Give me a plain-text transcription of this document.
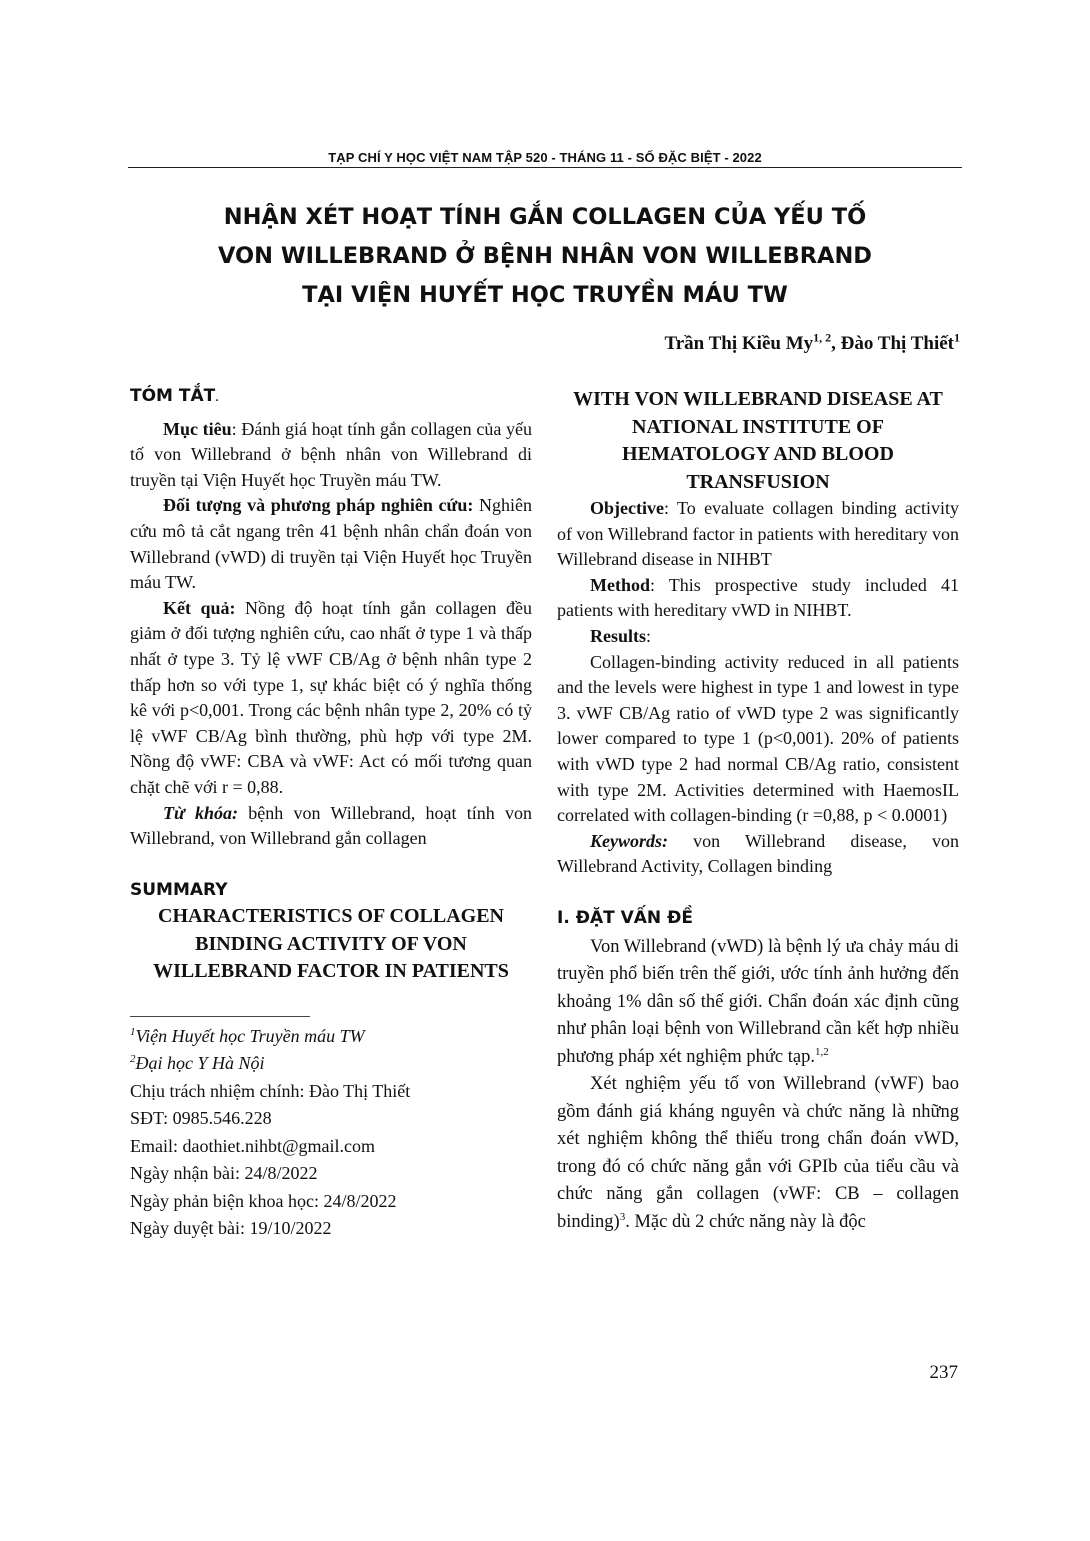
TẠP CHÍ Y HỌC VIỆT NAM TẬP 520 - THÁNG 11 - SỐ ĐẶC BIỆT - 2022
NHẬN XÉT HOẠT TÍNH GẮN COLLAGEN CỦA YẾU TỐ
VON WILLEBRAND Ở BỆNH NHÂN VON WILLEBRAND
TẠI VIỆN HUYẾT HỌC TRUYỀN MÁU TW
Trần Thị Kiều My$^{1, 2}$, Đào Thị Thiết$^1$

TÓM TẮT.

Mục tiêu: Đánh giá hoạt tính gắn collagen của yếu tố von Willebrand ở bệnh nhân von Willebrand di truyền tại Viện Huyết học Truyền máu TW.

Đối tượng và phương pháp nghiên cứu: Nghiên cứu mô tả cắt ngang trên 41 bệnh nhân chẩn đoán von Willebrand (vWD) di truyền tại Viện Huyết học Truyền máu TW.

Kết quả: Nồng độ hoạt tính gắn collagen đều giảm ở đối tượng nghiên cứu, cao nhất ở type 1 và thấp nhất ở type 3. Tỷ lệ vWF CB/Ag ở bệnh nhân type 2 thấp hơn so với type 1, sự khác biệt có ý nghĩa thống kê với p<0,001. Trong các bệnh nhân type 2, 20% có tỷ lệ vWF CB/Ag bình thường, phù hợp với type 2M. Nồng độ vWF: CBA và vWF: Act có mối tương quan chặt chẽ với r = 0,88.

Từ khóa: bệnh von Willebrand, hoạt tính von Willebrand, von Willebrand gắn collagen

SUMMARY

CHARACTERISTICS OF COLLAGEN BINDING ACTIVITY OF VON WILLEBRAND FACTOR IN PATIENTS

$^1$Viện Huyết học Truyền máu TW

$^2$Đại học Y Hà Nội

Chịu trách nhiệm chính: Đào Thị Thiết

SĐT: 0985.546.228

Email: daothiet.nihbt@gmail.com

Ngày nhận bài: 24/8/2022

Ngày phản biện khoa học: 24/8/2022

Ngày duyệt bài: 19/10/2022

WITH VON WILLEBRAND DISEASE AT NATIONAL INSTITUTE OF HEMATOLOGY AND BLOOD TRANSFUSION

Objective: To evaluate collagen binding activity of von Willebrand factor in patients with hereditary von Willebrand disease in NIHBT

Method: This prospective study included 41 patients with hereditary vWD in NIHBT.

Results:

Collagen-binding activity reduced in all patients and the levels were highest in type 1 and lowest in type 3. vWF CB/Ag ratio of vWD type 2 was significantly lower compared to type 1 (p<0,001). 20% of patients with vWD type 2 had normal CB/Ag ratio, consistent with type 2M. Activities determined with HaemosIL correlated with collagen-binding (r =0,88, p < 0.0001)

Keywords: von Willebrand disease, von Willebrand Activity, Collagen binding

I. ĐẶT VẤN ĐỀ

Von Willebrand (vWD) là bệnh lý ưa chảy máu di truyền phổ biến trên thế giới, ước tính ảnh hưởng đến khoảng 1% dân số thế giới. Chẩn đoán xác định cũng như phân loại bệnh von Willebrand cần kết hợp nhiều phương pháp xét nghiệm phức tạp.$^{1,2}$

Xét nghiệm yếu tố von Willebrand (vWF) bao gồm đánh giá kháng nguyên và chức năng là những xét nghiệm không thể thiếu trong chẩn đoán vWD, trong đó có chức năng gắn với GPIb của tiểu cầu và chức năng gắn collagen (vWF: CB – collagen binding)$^3$. Mặc dù 2 chức năng này là độc

237
